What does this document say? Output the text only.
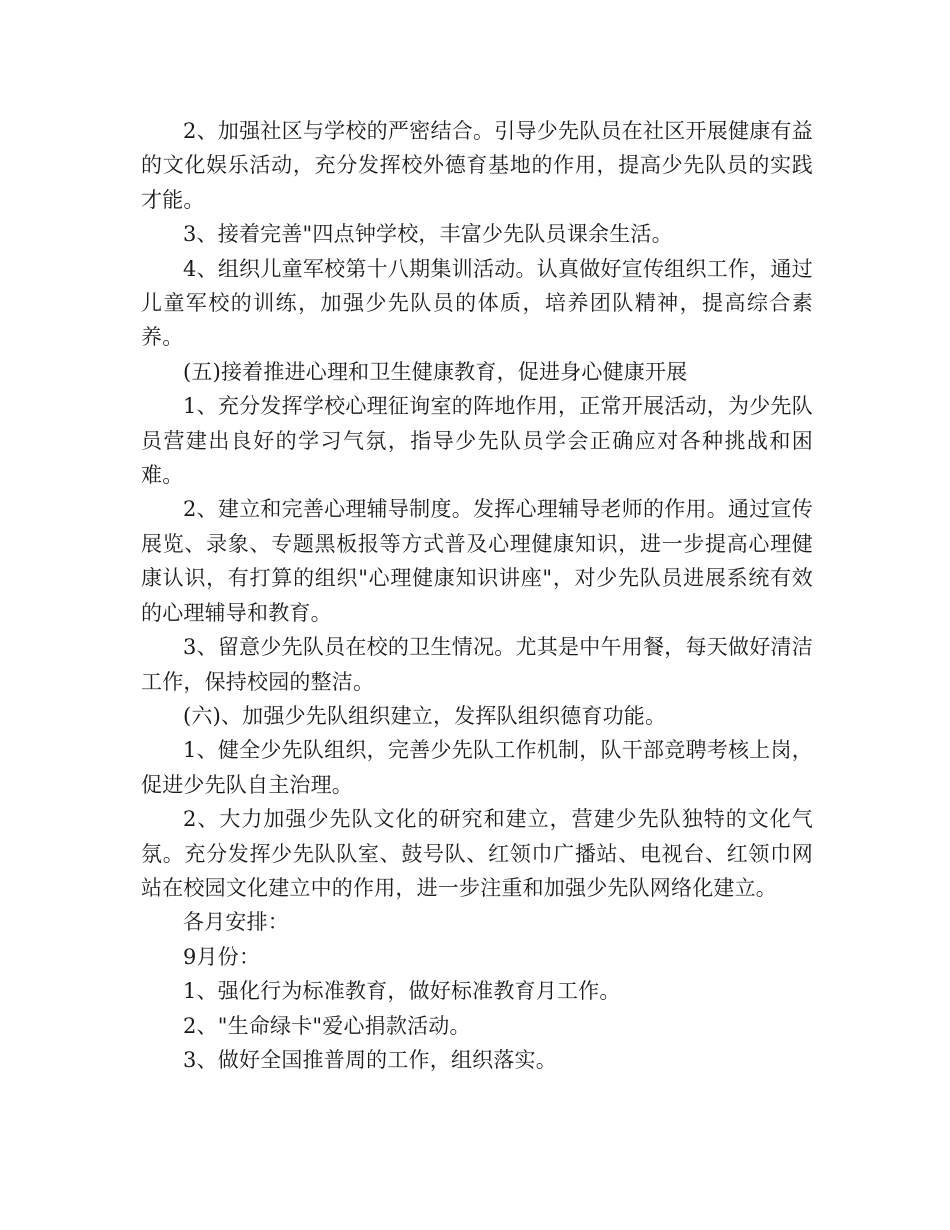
2、加强社区与学校的严密结合。引导少先队员在社区开展健康有益的文化娱乐活动，充分发挥校外德育基地的作用，提高少先队员的实践才能。

3、接着完善"四点钟学校，丰富少先队员课余生活。

4、组织儿童军校第十八期集训活动。认真做好宣传组织工作，通过儿童军校的训练，加强少先队员的体质，培养团队精神，提高综合素养。

(五)接着推进心理和卫生健康教育，促进身心健康开展

1、充分发挥学校心理征询室的阵地作用，正常开展活动，为少先队员营建出良好的学习气氛，指导少先队员学会正确应对各种挑战和困难。

2、建立和完善心理辅导制度。发挥心理辅导老师的作用。通过宣传展览、录象、专题黑板报等方式普及心理健康知识，进一步提高心理健康认识，有打算的组织"心理健康知识讲座"，对少先队员进展系统有效的心理辅导和教育。

3、留意少先队员在校的卫生情况。尤其是中午用餐，每天做好清洁工作，保持校园的整洁。

(六)、加强少先队组织建立，发挥队组织德育功能。

1、健全少先队组织，完善少先队工作机制，队干部竞聘考核上岗，促进少先队自主治理。

2、大力加强少先队文化的研究和建立，营建少先队独特的文化气氛。充分发挥少先队队室、鼓号队、红领巾广播站、电视台、红领巾网站在校园文化建立中的作用，进一步注重和加强少先队网络化建立。

各月安排：

9月份：

1、强化行为标准教育，做好标准教育月工作。

2、"生命绿卡"爱心捐款活动。

3、做好全国推普周的工作，组织落实。
